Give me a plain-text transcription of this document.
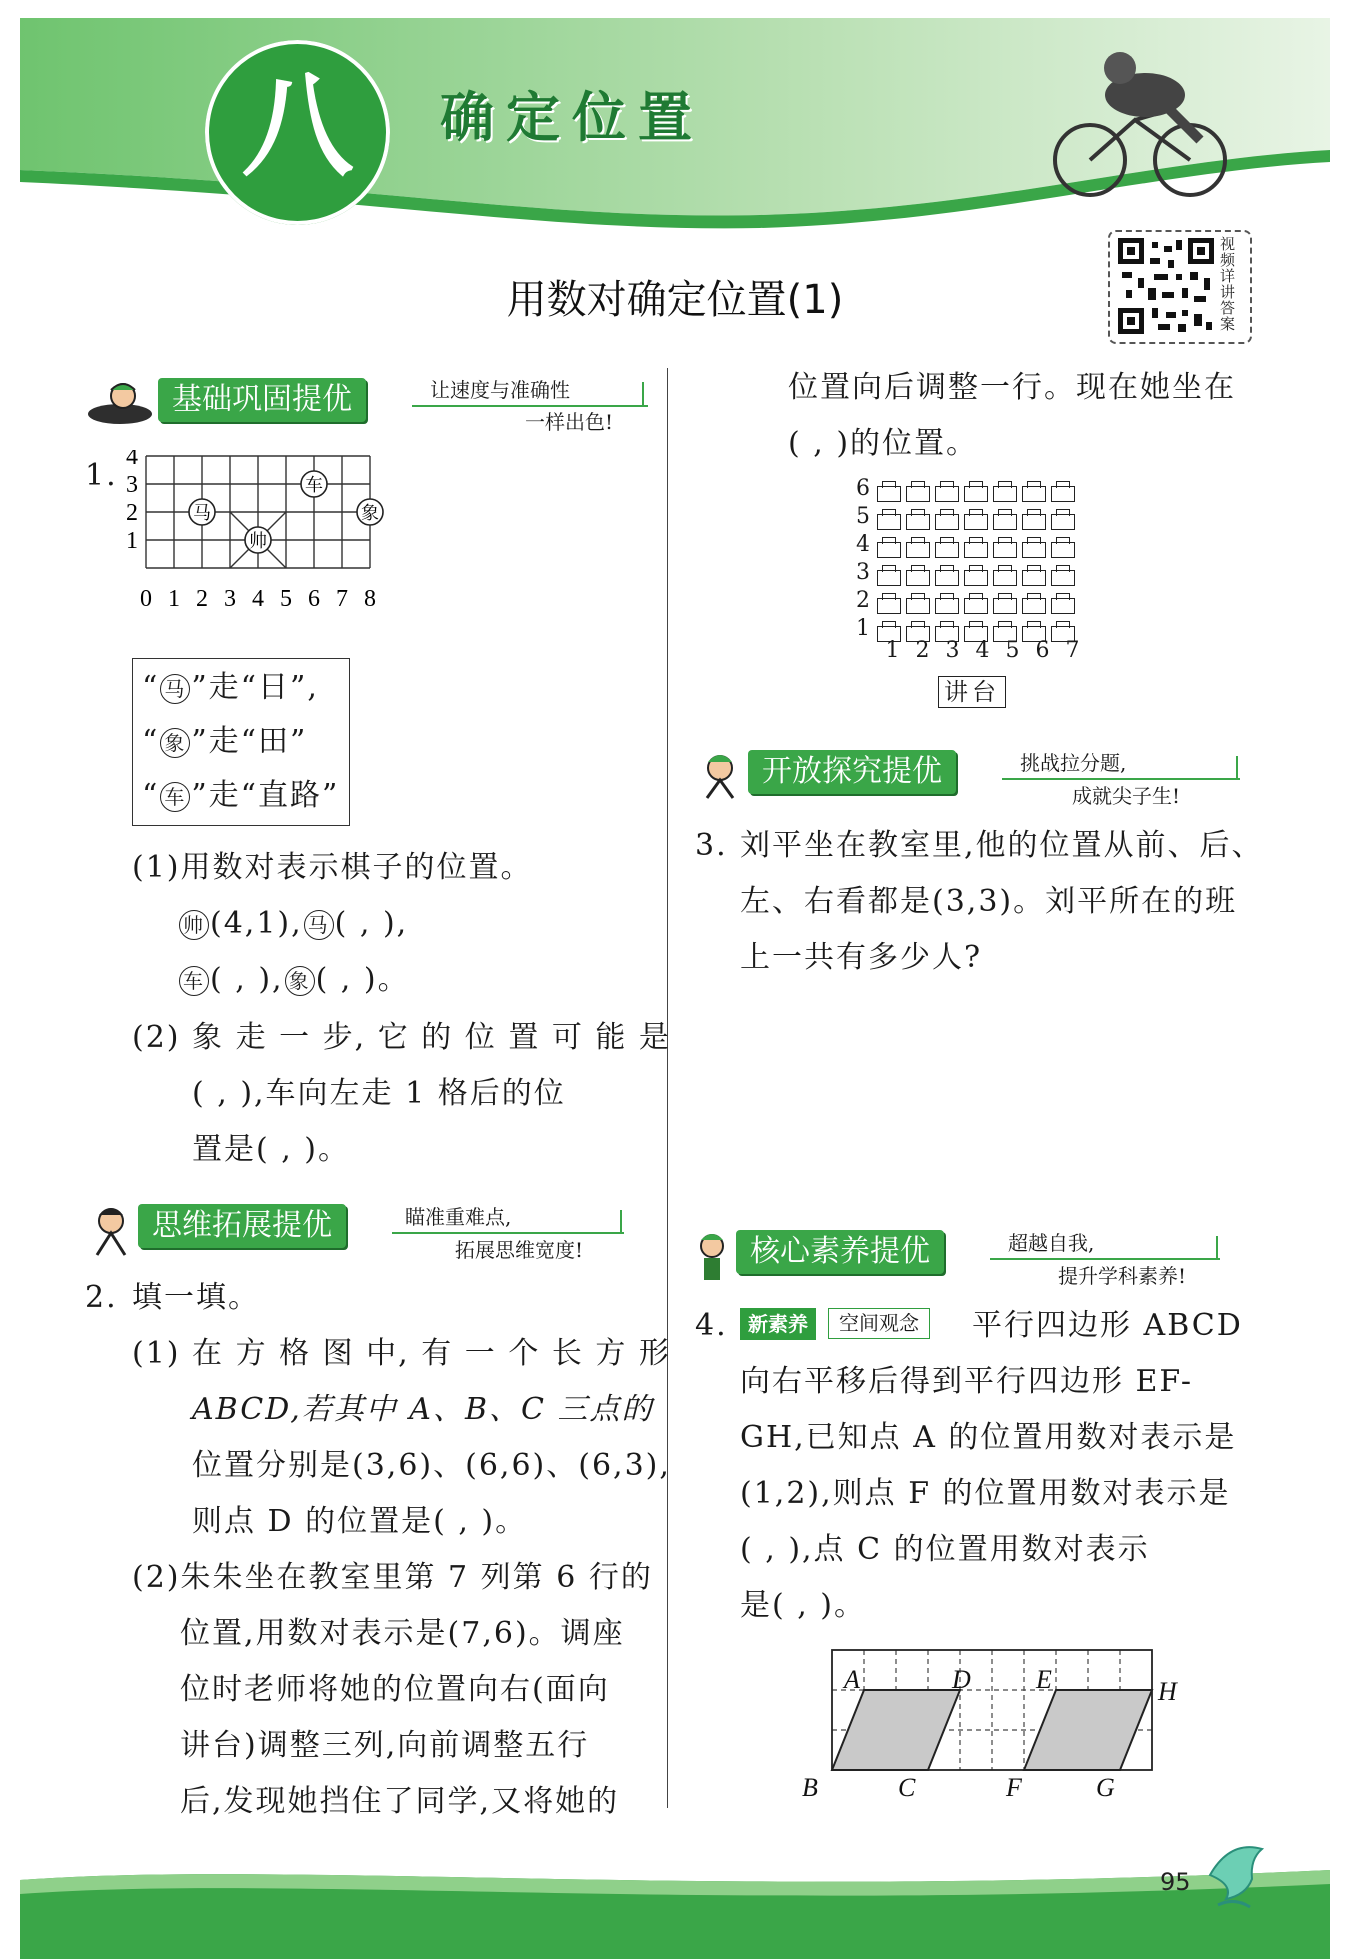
八	确定位置
用数对确定位置(1)
视频详讲答案
基础巩固提优	让速度与准确性
一样出色!
1.
0 1 2 3 4 5 6 7 8
1
2
3
4
马
帅
车
象
“ 马 ”走“日”,
“ 象 ”走“田”
“ 车 ”走“直路”
(1)用数对表示棋子的位置。
帅 (4,1), 马 ( , ),
车 ( , ), 象 ( , )。
(2) 象 走 一 步, 它 的 位 置 可 能 是
( , ),车向左走 1 格后的位
置是( , )。
思维拓展提优	瞄准重难点,
拓展思维宽度!
2. 填一填。
(1) 在 方 格 图 中, 有 一 个 长 方 形
ABCD,若其中 A、B、C 三点的
位置分别是(3,6)、(6,6)、(6,3),
则点 D 的位置是( , )。
(2)朱朱坐在教室里第 7 列第 6 行的
位置,用数对表示是(7,6)。调座
位时老师将她的位置向右(面向
讲台)调整三列,向前调整五行
后,发现她挡住了同学,又将她的
位置向后调整一行。现在她坐在
( , )的位置。
6
5
4
3
2
1
1 2 3 4 5 6 7
讲台
开放探究提优	挑战拉分题,
成就尖子生!
3. 刘平坐在教室里,他的位置从前、后、
左、右看都是(3,3)。刘平所在的班
上一共有多少人?
核心素养提优	超越自我,
提升学科素养!
4.	新素养	空间观念	平行四边形 ABCD
向右平移后得到平行四边形 EF-
GH,已知点 A 的位置用数对表示是
(1,2),则点 F 的位置用数对表示是
( , ),点 C 的位置用数对表示
是( , )。
A	D	E	H
B	C	F	G
95
